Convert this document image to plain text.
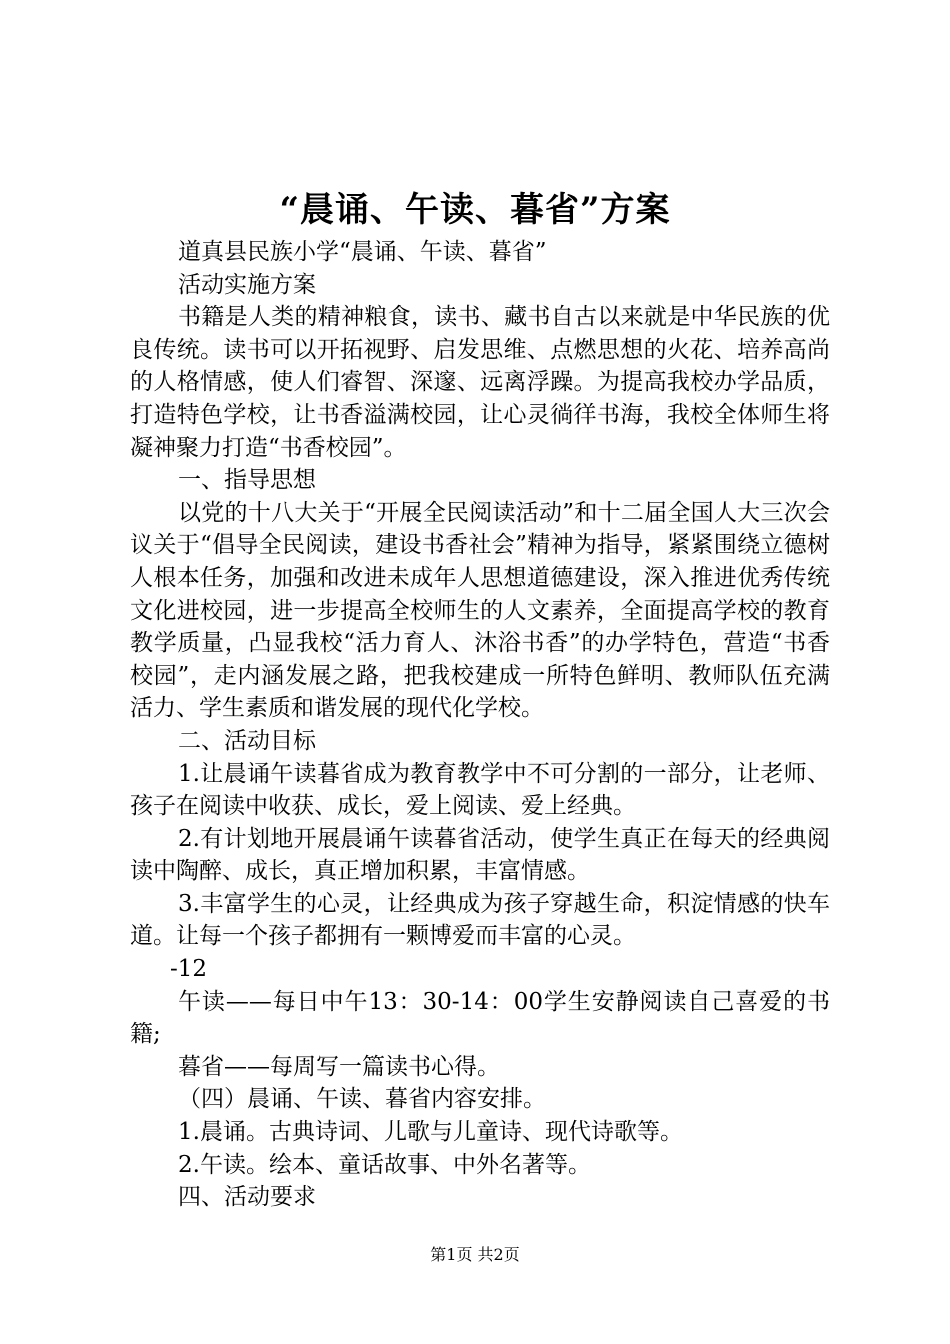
“晨诵、午读、暮省”方案

道真县民族小学“晨诵、午读、暮省”

活动实施方案

书籍是人类的精神粮食，读书、藏书自古以来就是中华民族的优良传统。读书可以开拓视野、启发思维、点燃思想的火花、培养高尚的人格情感，使人们睿智、深邃、远离浮躁。为提高我校办学品质，打造特色学校，让书香溢满校园，让心灵徜徉书海，我校全体师生将凝神聚力打造“书香校园”。

一、指导思想

以党的十八大关于“开展全民阅读活动”和十二届全国人大三次会议关于“倡导全民阅读，建设书香社会”精神为指导，紧紧围绕立德树人根本任务，加强和改进未成年人思想道德建设，深入推进优秀传统文化进校园，进一步提高全校师生的人文素养，全面提高学校的教育教学质量，凸显我校“活力育人、沐浴书香”的办学特色，营造“书香校园”，走内涵发展之路，把我校建成一所特色鲜明、教师队伍充满活力、学生素质和谐发展的现代化学校。

二、活动目标

1.让晨诵午读暮省成为教育教学中不可分割的一部分，让老师、孩子在阅读中收获、成长，爱上阅读、爱上经典。

2.有计划地开展晨诵午读暮省活动，使学生真正在每天的经典阅读中陶醉、成长，真正增加积累，丰富情感。

3.丰富学生的心灵，让经典成为孩子穿越生命，积淀情感的快车道。让每一个孩子都拥有一颗博爱而丰富的心灵。

-12

午读——每日中午13：30-14：00学生安静阅读自己喜爱的书籍;

暮省——每周写一篇读书心得。

（四）晨诵、午读、暮省内容安排。

1.晨诵。古典诗词、儿歌与儿童诗、现代诗歌等。

2.午读。绘本、童话故事、中外名著等。

四、活动要求

第1页 共2页
